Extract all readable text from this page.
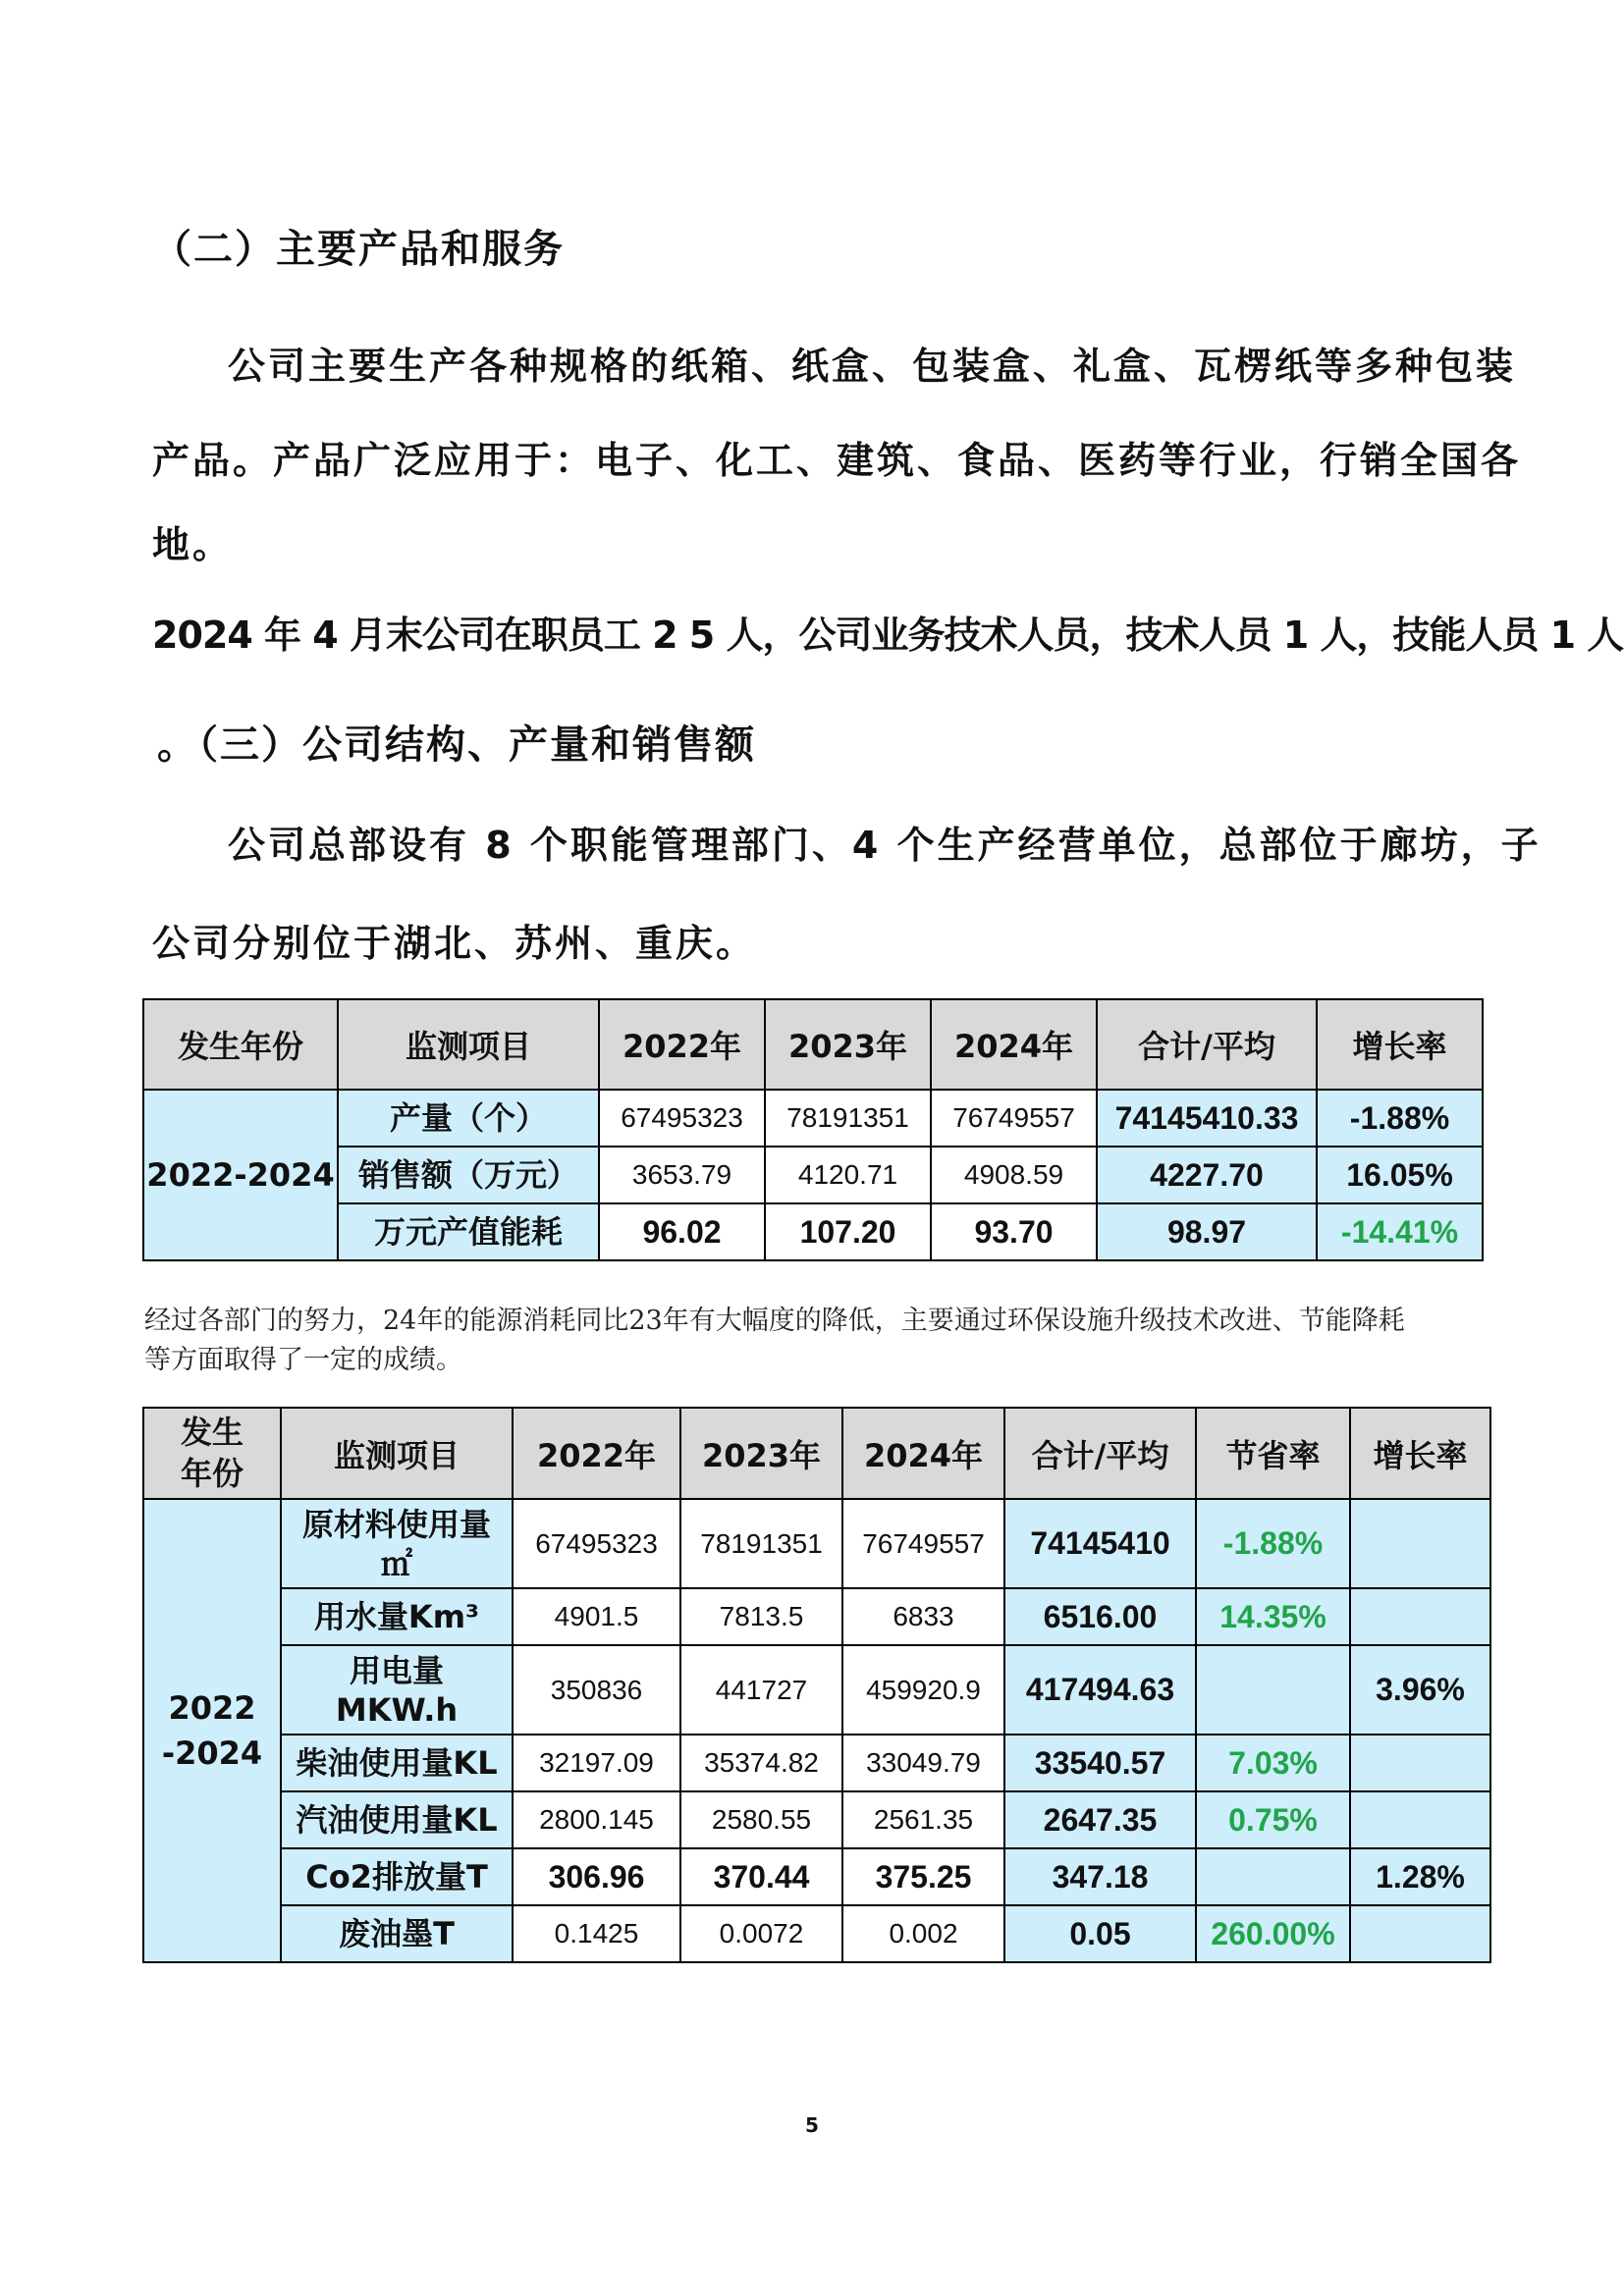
（二）主要产品和服务
公司主要生产各种规格的纸箱、纸盒、包装盒、礼盒、瓦楞纸等多种包装
产品。产品广泛应用于：电子、化工、建筑、食品、医药等行业，行销全国各
地。
2024 年 4 月末公司在职员工 2 5 人，公司业务技术人员，技术人员 1 人，技能人员 1 人
。（三）公司结构、产量和销售额
公司总部设有 8 个职能管理部门、4 个生产经营单位，总部位于廊坊，子
公司分别位于湖北、苏州、重庆。
发生年份	监测项目	2022年	2023年	2024年	合计/平均	增长率
2022-2024	产量（个）	67495323	78191351	76749557	74145410.33	-1.88%
	销售额（万元）	3653.79	4120.71	4908.59	4227.70	16.05%
	万元产值能耗	96.02	107.20	93.70	98.97	-14.41%
经过各部门的努力，24年的能源消耗同比23年有大幅度的降低，主要通过环保设施升级技术改进、节能降耗
等方面取得了一定的成绩。
发生
年份	监测项目	2022年	2023年	2024年	合计/平均	节省率	增长率
2022
-2024	原材料使用量
㎡	67495323	78191351	76749557	74145410	-1.88%	
	用水量Km³	4901.5	7813.5	6833	6516.00	14.35%	
	用电量
MKW.h	350836	441727	459920.9	417494.63		3.96%
	柴油使用量KL	32197.09	35374.82	33049.79	33540.57	7.03%	
	汽油使用量KL	2800.145	2580.55	2561.35	2647.35	0.75%	
	Co2排放量T	306.96	370.44	375.25	347.18		1.28%
	废油墨T	0.1425	0.0072	0.002	0.05	260.00%	
5
